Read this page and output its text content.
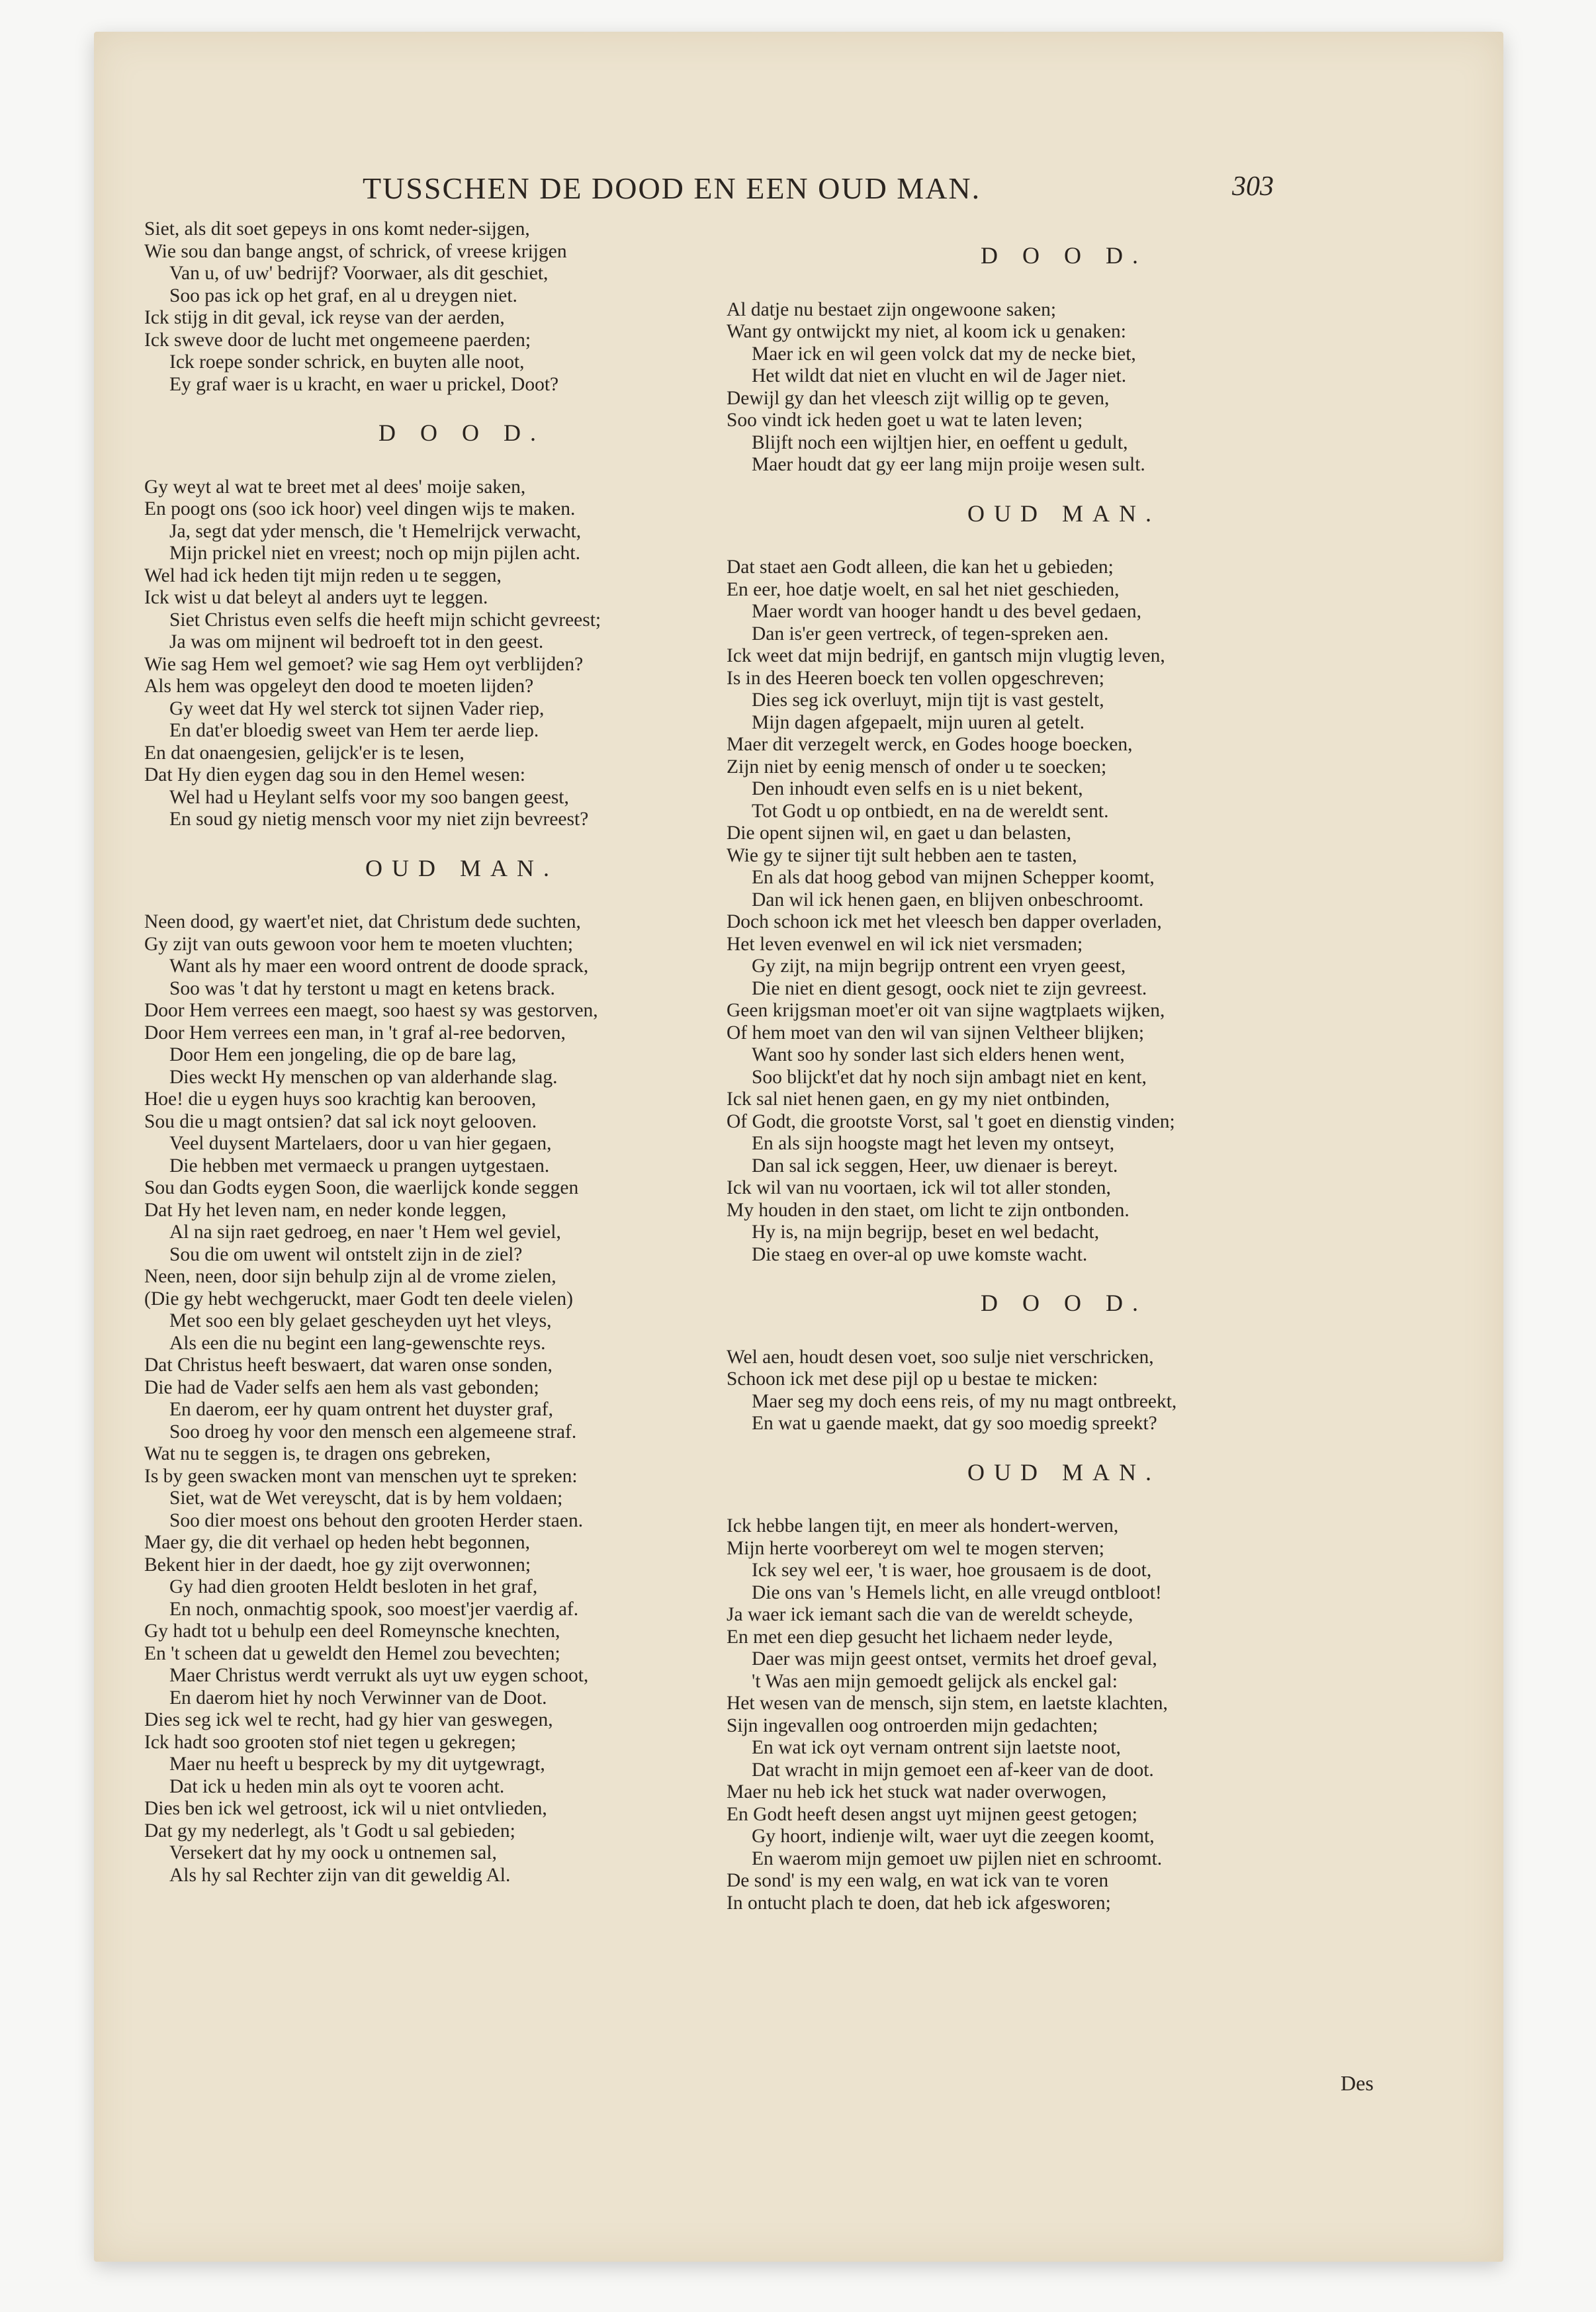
TUSSCHEN DE DOOD EN EEN OUD MAN.	303
Siet, als dit soet gepeys in ons komt neder-sijgen,
Wie sou dan bange angst, of schrick, of vreese krijgen
Van u, of uw' bedrijf? Voorwaer, als dit geschiet,
Soo pas ick op het graf, en al u dreygen niet.
Ick stijg in dit geval, ick reyse van der aerden,
Ick sweve door de lucht met ongemeene paerden;
Ick roepe sonder schrick, en buyten alle noot,
Ey graf waer is u kracht, en waer u prickel, Doot?
D O O D.
Gy weyt al wat te breet met al dees' moije saken,
En poogt ons (soo ick hoor) veel dingen wijs te maken.
Ja, segt dat yder mensch, die 't Hemelrijck verwacht,
Mijn prickel niet en vreest; noch op mijn pijlen acht.
Wel had ick heden tijt mijn reden u te seggen,
Ick wist u dat beleyt al anders uyt te leggen.
Siet Christus even selfs die heeft mijn schicht gevreest;
Ja was om mijnent wil bedroeft tot in den geest.
Wie sag Hem wel gemoet? wie sag Hem oyt verblijden?
Als hem was opgeleyt den dood te moeten lijden?
Gy weet dat Hy wel sterck tot sijnen Vader riep,
En dat'er bloedig sweet van Hem ter aerde liep.
En dat onaengesien, gelijck'er is te lesen,
Dat Hy dien eygen dag sou in den Hemel wesen:
Wel had u Heylant selfs voor my soo bangen geest,
En soud gy nietig mensch voor my niet zijn bevreest?
OUD MAN.
Neen dood, gy waert'et niet, dat Christum dede suchten,
Gy zijt van outs gewoon voor hem te moeten vluchten;
Want als hy maer een woord ontrent de doode sprack,
Soo was 't dat hy terstont u magt en ketens brack.
Door Hem verrees een maegt, soo haest sy was gestorven,
Door Hem verrees een man, in 't graf al-ree bedorven,
Door Hem een jongeling, die op de bare lag,
Dies weckt Hy menschen op van alderhande slag.
Hoe! die u eygen huys soo krachtig kan berooven,
Sou die u magt ontsien? dat sal ick noyt gelooven.
Veel duysent Martelaers, door u van hier gegaen,
Die hebben met vermaeck u prangen uytgestaen.
Sou dan Godts eygen Soon, die waerlijck konde seggen
Dat Hy het leven nam, en neder konde leggen,
Al na sijn raet gedroeg, en naer 't Hem wel geviel,
Sou die om uwent wil ontstelt zijn in de ziel?
Neen, neen, door sijn behulp zijn al de vrome zielen,
(Die gy hebt wechgeruckt, maer Godt ten deele vielen)
Met soo een bly gelaet gescheyden uyt het vleys,
Als een die nu begint een lang-gewenschte reys.
Dat Christus heeft beswaert, dat waren onse sonden,
Die had de Vader selfs aen hem als vast gebonden;
En daerom, eer hy quam ontrent het duyster graf,
Soo droeg hy voor den mensch een algemeene straf.
Wat nu te seggen is, te dragen ons gebreken,
Is by geen swacken mont van menschen uyt te spreken:
Siet, wat de Wet vereyscht, dat is by hem voldaen;
Soo dier moest ons behout den grooten Herder staen.
Maer gy, die dit verhael op heden hebt begonnen,
Bekent hier in der daedt, hoe gy zijt overwonnen;
Gy had dien grooten Heldt besloten in het graf,
En noch, onmachtig spook, soo moest'jer vaerdig af.
Gy hadt tot u behulp een deel Romeynsche knechten,
En 't scheen dat u geweldt den Hemel zou bevechten;
Maer Christus werdt verrukt als uyt uw eygen schoot,
En daerom hiet hy noch Verwinner van de Doot.
Dies seg ick wel te recht, had gy hier van geswegen,
Ick hadt soo grooten stof niet tegen u gekregen;
Maer nu heeft u bespreck by my dit uytgewragt,
Dat ick u heden min als oyt te vooren acht.
Dies ben ick wel getroost, ick wil u niet ontvlieden,
Dat gy my nederlegt, als 't Godt u sal gebieden;
Versekert dat hy my oock u ontnemen sal,
Als hy sal Rechter zijn van dit geweldig Al.
D O O D.
Al datje nu bestaet zijn ongewoone saken;
Want gy ontwijckt my niet, al koom ick u genaken:
Maer ick en wil geen volck dat my de necke biet,
Het wildt dat niet en vlucht en wil de Jager niet.
Dewijl gy dan het vleesch zijt willig op te geven,
Soo vindt ick heden goet u wat te laten leven;
Blijft noch een wijltjen hier, en oeffent u gedult,
Maer houdt dat gy eer lang mijn proije wesen sult.
OUD MAN.
Dat staet aen Godt alleen, die kan het u gebieden;
En eer, hoe datje woelt, en sal het niet geschieden,
Maer wordt van hooger handt u des bevel gedaen,
Dan is'er geen vertreck, of tegen-spreken aen.
Ick weet dat mijn bedrijf, en gantsch mijn vlugtig leven,
Is in des Heeren boeck ten vollen opgeschreven;
Dies seg ick overluyt, mijn tijt is vast gestelt,
Mijn dagen afgepaelt, mijn uuren al getelt.
Maer dit verzegelt werck, en Godes hooge boecken,
Zijn niet by eenig mensch of onder u te soecken;
Den inhoudt even selfs en is u niet bekent,
Tot Godt u op ontbiedt, en na de wereldt sent.
Die opent sijnen wil, en gaet u dan belasten,
Wie gy te sijner tijt sult hebben aen te tasten,
En als dat hoog gebod van mijnen Schepper koomt,
Dan wil ick henen gaen, en blijven onbeschroomt.
Doch schoon ick met het vleesch ben dapper overladen,
Het leven evenwel en wil ick niet versmaden;
Gy zijt, na mijn begrijp ontrent een vryen geest,
Die niet en dient gesogt, oock niet te zijn gevreest.
Geen krijgsman moet'er oit van sijne wagtplaets wijken,
Of hem moet van den wil van sijnen Veltheer blijken;
Want soo hy sonder last sich elders henen went,
Soo blijckt'et dat hy noch sijn ambagt niet en kent,
Ick sal niet henen gaen, en gy my niet ontbinden,
Of Godt, die grootste Vorst, sal 't goet en dienstig vinden;
En als sijn hoogste magt het leven my ontseyt,
Dan sal ick seggen, Heer, uw dienaer is bereyt.
Ick wil van nu voortaen, ick wil tot aller stonden,
My houden in den staet, om licht te zijn ontbonden.
Hy is, na mijn begrijp, beset en wel bedacht,
Die staeg en over-al op uwe komste wacht.
D O O D.
Wel aen, houdt desen voet, soo sulje niet verschricken,
Schoon ick met dese pijl op u bestae te micken:
Maer seg my doch eens reis, of my nu magt ontbreekt,
En wat u gaende maekt, dat gy soo moedig spreekt?
OUD MAN.
Ick hebbe langen tijt, en meer als hondert-werven,
Mijn herte voorbereyt om wel te mogen sterven;
Ick sey wel eer, 't is waer, hoe grousaem is de doot,
Die ons van 's Hemels licht, en alle vreugd ontbloot!
Ja waer ick iemant sach die van de wereldt scheyde,
En met een diep gesucht het lichaem neder leyde,
Daer was mijn geest ontset, vermits het droef geval,
't Was aen mijn gemoedt gelijck als enckel gal:
Het wesen van de mensch, sijn stem, en laetste klachten,
Sijn ingevallen oog ontroerden mijn gedachten;
En wat ick oyt vernam ontrent sijn laetste noot,
Dat wracht in mijn gemoet een af-keer van de doot.
Maer nu heb ick het stuck wat nader overwogen,
En Godt heeft desen angst uyt mijnen geest getogen;
Gy hoort, indienje wilt, waer uyt die zeegen koomt,
En waerom mijn gemoet uw pijlen niet en schroomt.
De sond' is my een walg, en wat ick van te voren
In ontucht plach te doen, dat heb ick afgesworen;
Des
